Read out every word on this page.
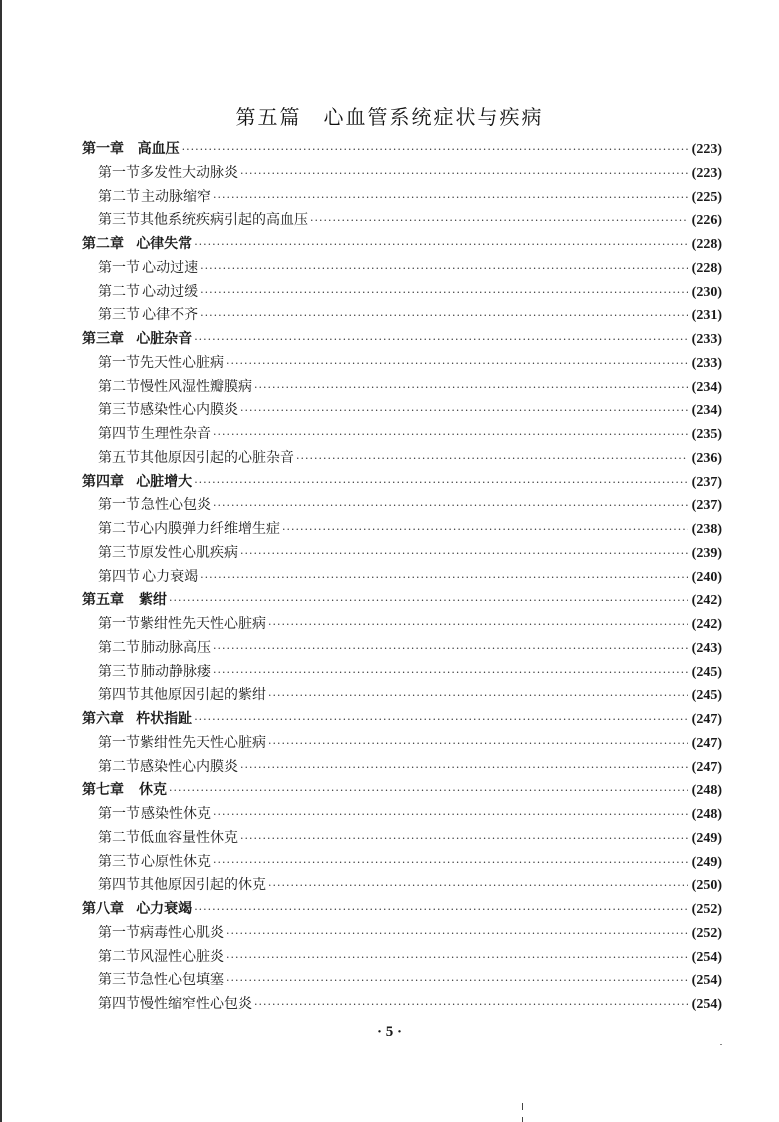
第五篇 心血管系统症状与疾病
第一章 高血压 ·····	(223)
第一节 多发性大动脉炎 ·····	(223)
第二节 主动脉缩窄 ·····	(225)
第三节 其他系统疾病引起的高血压 ·····	(226)
第二章 心律失常 ·····	(228)
第一节 心动过速 ·····	(228)
第二节 心动过缓 ·····	(230)
第三节 心律不齐 ·····	(231)
第三章 心脏杂音 ·····	(233)
第一节 先天性心脏病 ·····	(233)
第二节 慢性风湿性瓣膜病 ·····	(234)
第三节 感染性心内膜炎 ·····	(234)
第四节 生理性杂音 ·····	(235)
第五节 其他原因引起的心脏杂音 ·····	(236)
第四章 心脏增大 ·····	(237)
第一节 急性心包炎 ·····	(237)
第二节 心内膜弹力纤维增生症 ·····	(238)
第三节 原发性心肌疾病 ·····	(239)
第四节 心力衰竭 ·····	(240)
第五章	紫绀 ·····	(242)
第一节 紫绀性先天性心脏病 ·····	(242)
第二节 肺动脉高压 ·····	(243)
第三节 肺动静脉瘘 ·····	(245)
第四节 其他原因引起的紫绀 ·····	(245)
第六章 杵状指趾 ·····	(247)
第一节 紫绀性先天性心脏病 ·····	(247)
第二节 感染性心内膜炎 ·····	(247)
第七章	休克 ·····	(248)
第一节 感染性休克 ·····	(248)
第二节 低血容量性休克 ·····	(249)
第三节 心原性休克 ·····	(249)
第四节 其他原因引起的休克 ·····	(250)
第八章 心力衰竭 ·····	(252)
第一节 病毒性心肌炎 ·····	(252)
第二节 风湿性心脏炎 ·····	(254)
第三节 急性心包填塞 ·····	(254)
第四节 慢性缩窄性心包炎 ·····	(254)
· 5 ·
